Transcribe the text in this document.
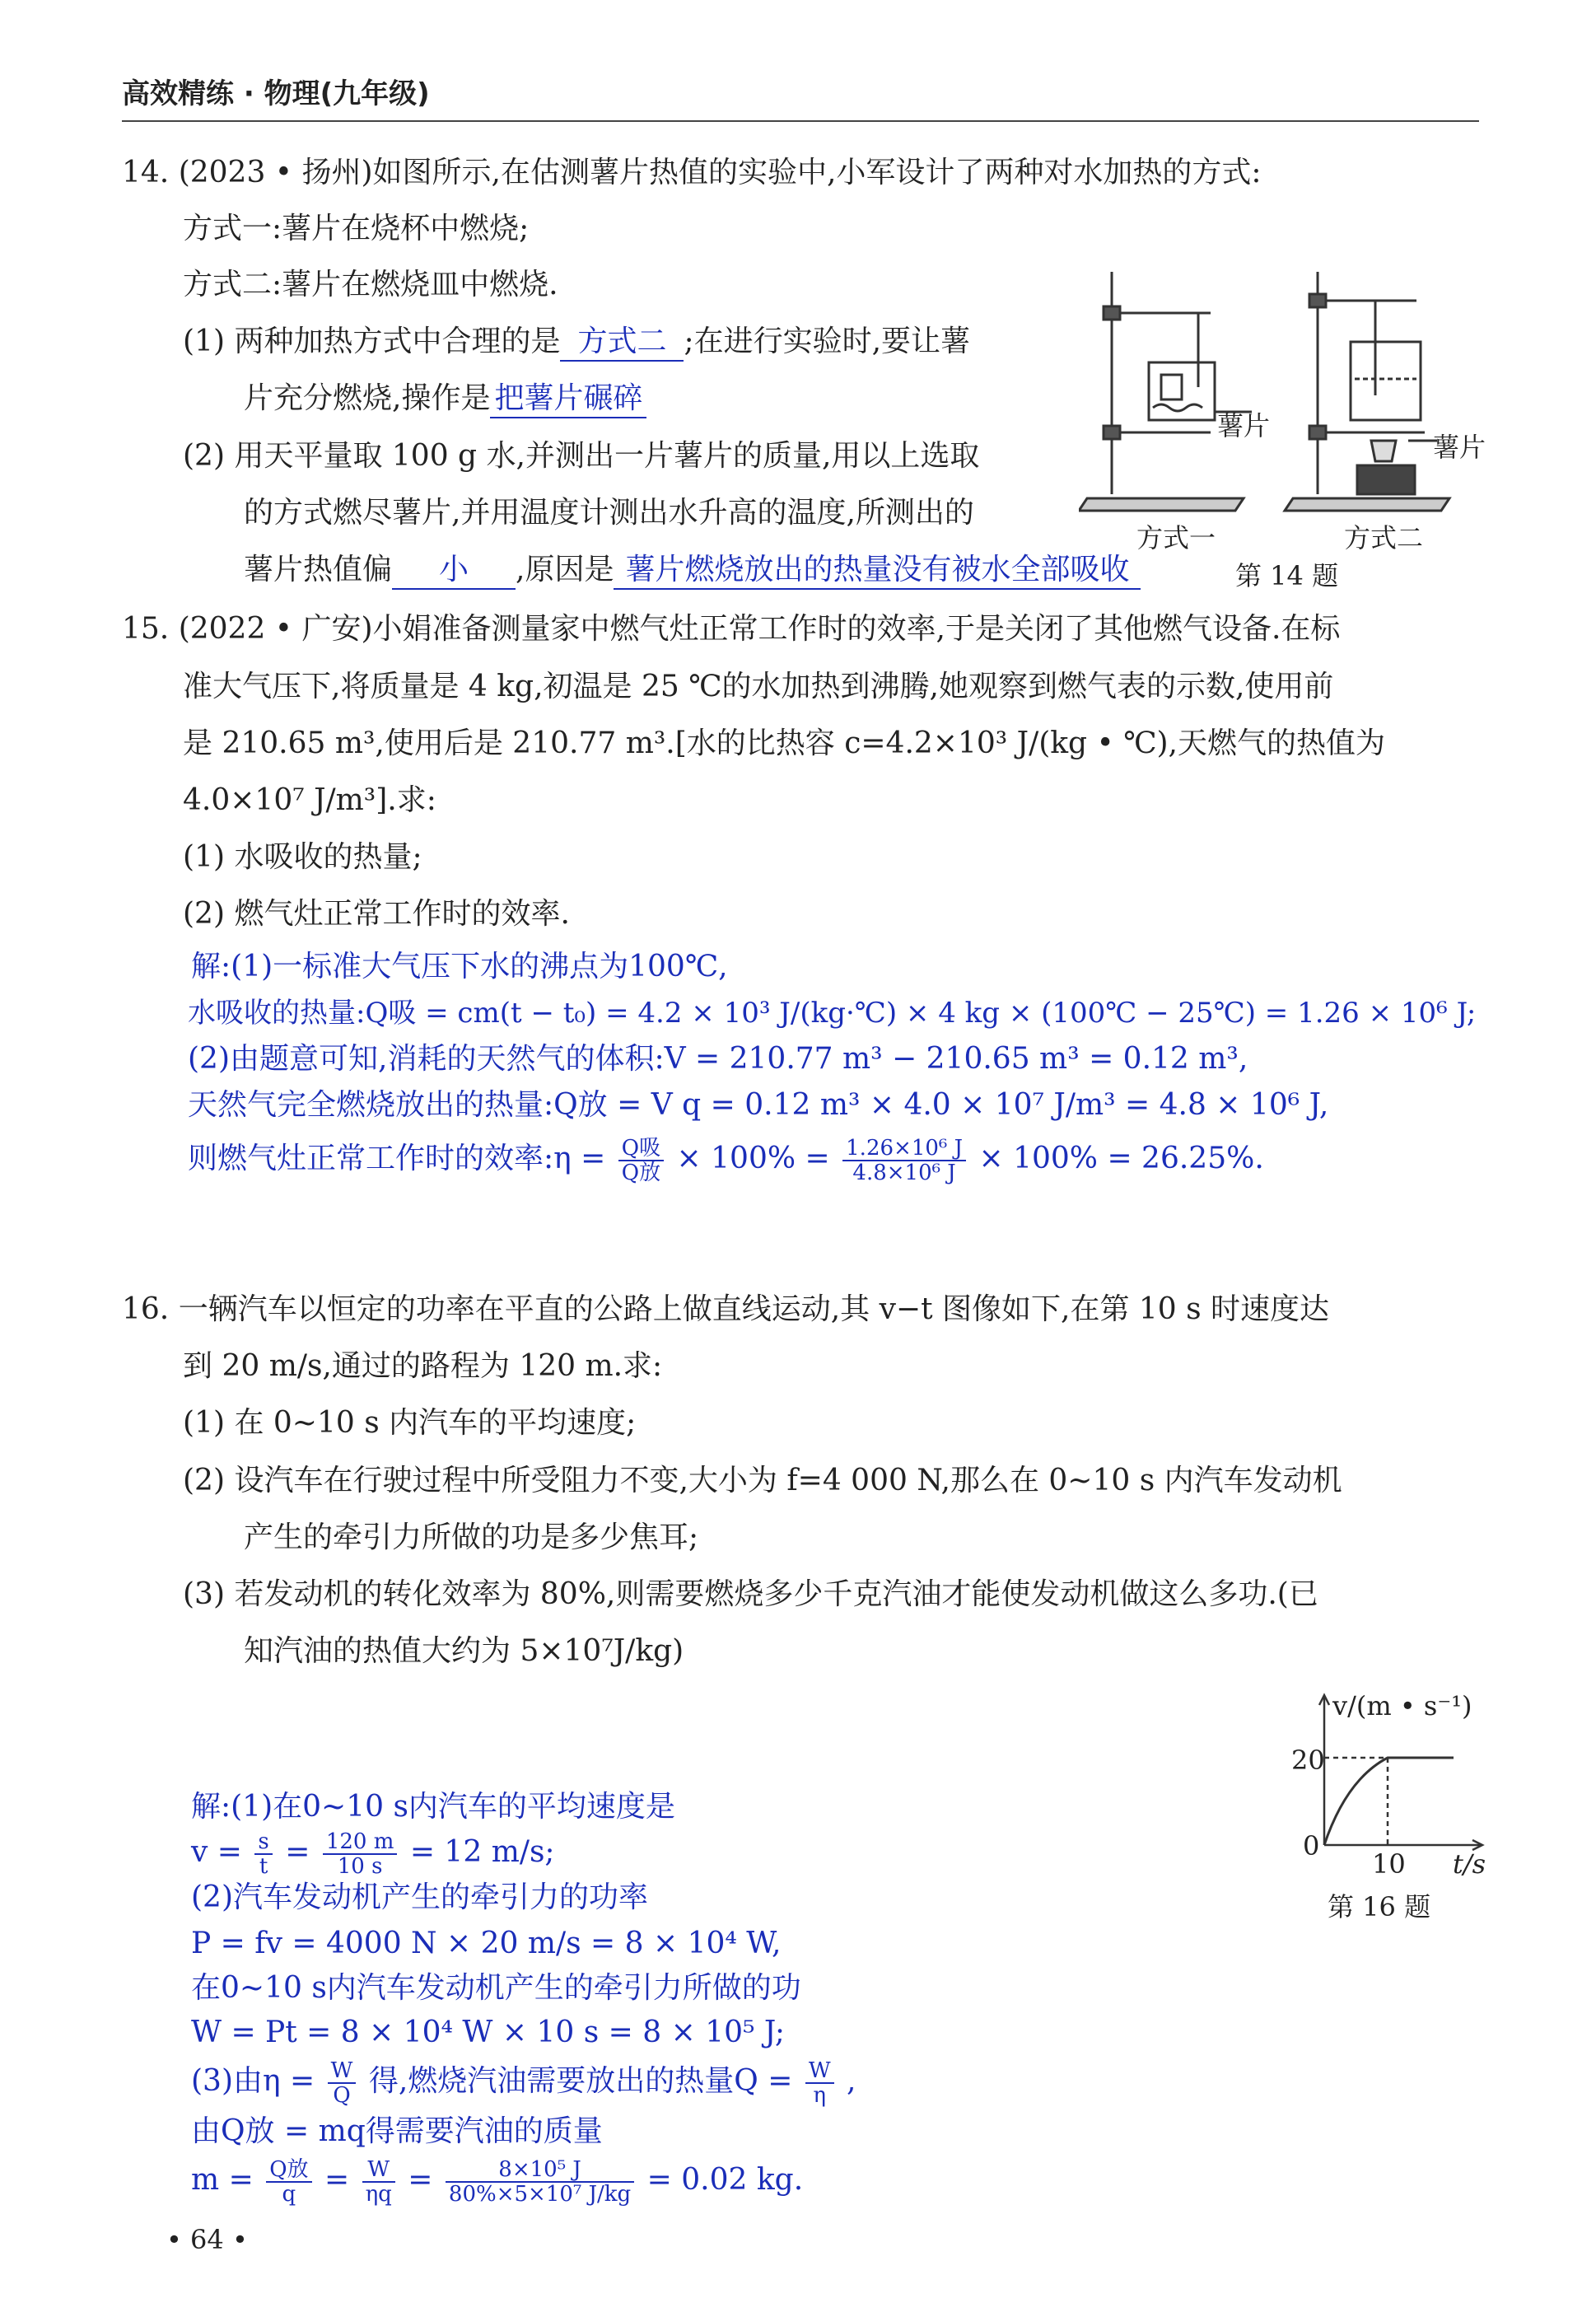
高效精练 · 物理(九年级)
14. (2023 • 扬州)如图所示,在估测薯片热值的实验中,小军设计了两种对水加热的方式:
方式一:薯片在烧杯中燃烧;
方式二:薯片在燃烧皿中燃烧.
(1) 两种加热方式中合理的是 方式二 ;在进行实验时,要让薯
片充分燃烧,操作是 把薯片碾碎
(2) 用天平量取 100 g 水,并测出一片薯片的质量,用以上选取
的方式燃尽薯片,并用温度计测出水升高的温度,所测出的
薯片热值偏 小 ,原因是 薯片燃烧放出的热量没有被水全部吸收
薯片
薯片
方式一	方式二
第 14 题
15. (2022 • 广安)小娟准备测量家中燃气灶正常工作时的效率,于是关闭了其他燃气设备.在标
准大气压下,将质量是 4 kg,初温是 25 ℃的水加热到沸腾,她观察到燃气表的示数,使用前
是 210.65 m³,使用后是 210.77 m³.[水的比热容 c=4.2×10³ J/(kg • ℃),天燃气的热值为
4.0×10⁷ J/m³].求:
(1) 水吸收的热量;
(2) 燃气灶正常工作时的效率.
解:(1)一标准大气压下水的沸点为100℃,
水吸收的热量:Q吸 = cm(t − t₀) = 4.2 × 10³ J/(kg·℃) × 4 kg × (100℃ − 25℃) = 1.26 × 10⁶ J;
(2)由题意可知,消耗的天然气的体积:V = 210.77 m³ − 210.65 m³ = 0.12 m³,
天然气完全燃烧放出的热量:Q放 = V q = 0.12 m³ × 4.0 × 10⁷ J/m³ = 4.8 × 10⁶ J,
则燃气灶正常工作时的效率:η = $\frac{\text{Q吸}}{\text{Q放}} \times 100\% = \frac{\text{1.26×10⁶ J}}{\text{4.8×10⁶ J}} \times 100\% = 26.25\%$.
16. 一辆汽车以恒定的功率在平直的公路上做直线运动,其 v−t 图像如下,在第 10 s 时速度达
到 20 m/s,通过的路程为 120 m.求:
(1) 在 0~10 s 内汽车的平均速度;
(2) 设汽车在行驶过程中所受阻力不变,大小为 f=4 000 N,那么在 0~10 s 内汽车发动机
产生的牵引力所做的功是多少焦耳;
(3) 若发动机的转化效率为 80%,则需要燃烧多少千克汽油才能使发动机做这么多功.(已
知汽油的热值大约为 5×10⁷J/kg)
v/(m • s⁻¹)
20
0
10 t/s
第 16 题
解:(1)在0~10 s内汽车的平均速度是
$v = \frac{s}{t} = \frac{120 m}{10 s} = 12$ m/s;
(2)汽车发动机产生的牵引力的功率
P = fv = 4000 N × 20 m/s = 8 × 10⁴ W,
在0~10 s内汽车发动机产生的牵引力所做的功
W = Pt = 8 × 10⁴ W × 10 s = 8 × 10⁵ J;
(3)由$\eta = \frac{W}{Q}$ 得,燃烧汽油需要放出的热量$Q = \frac{W}{\eta}$ ,
由Q放 = mq得需要汽油的质量
$m = \frac{\text{Q放}}{q} = \frac{W}{\eta q} = \frac{\text{8×10⁵ J}}{\text{80\%×5×10⁷ J/kg}} = 0.02$ kg.
• 64 •
